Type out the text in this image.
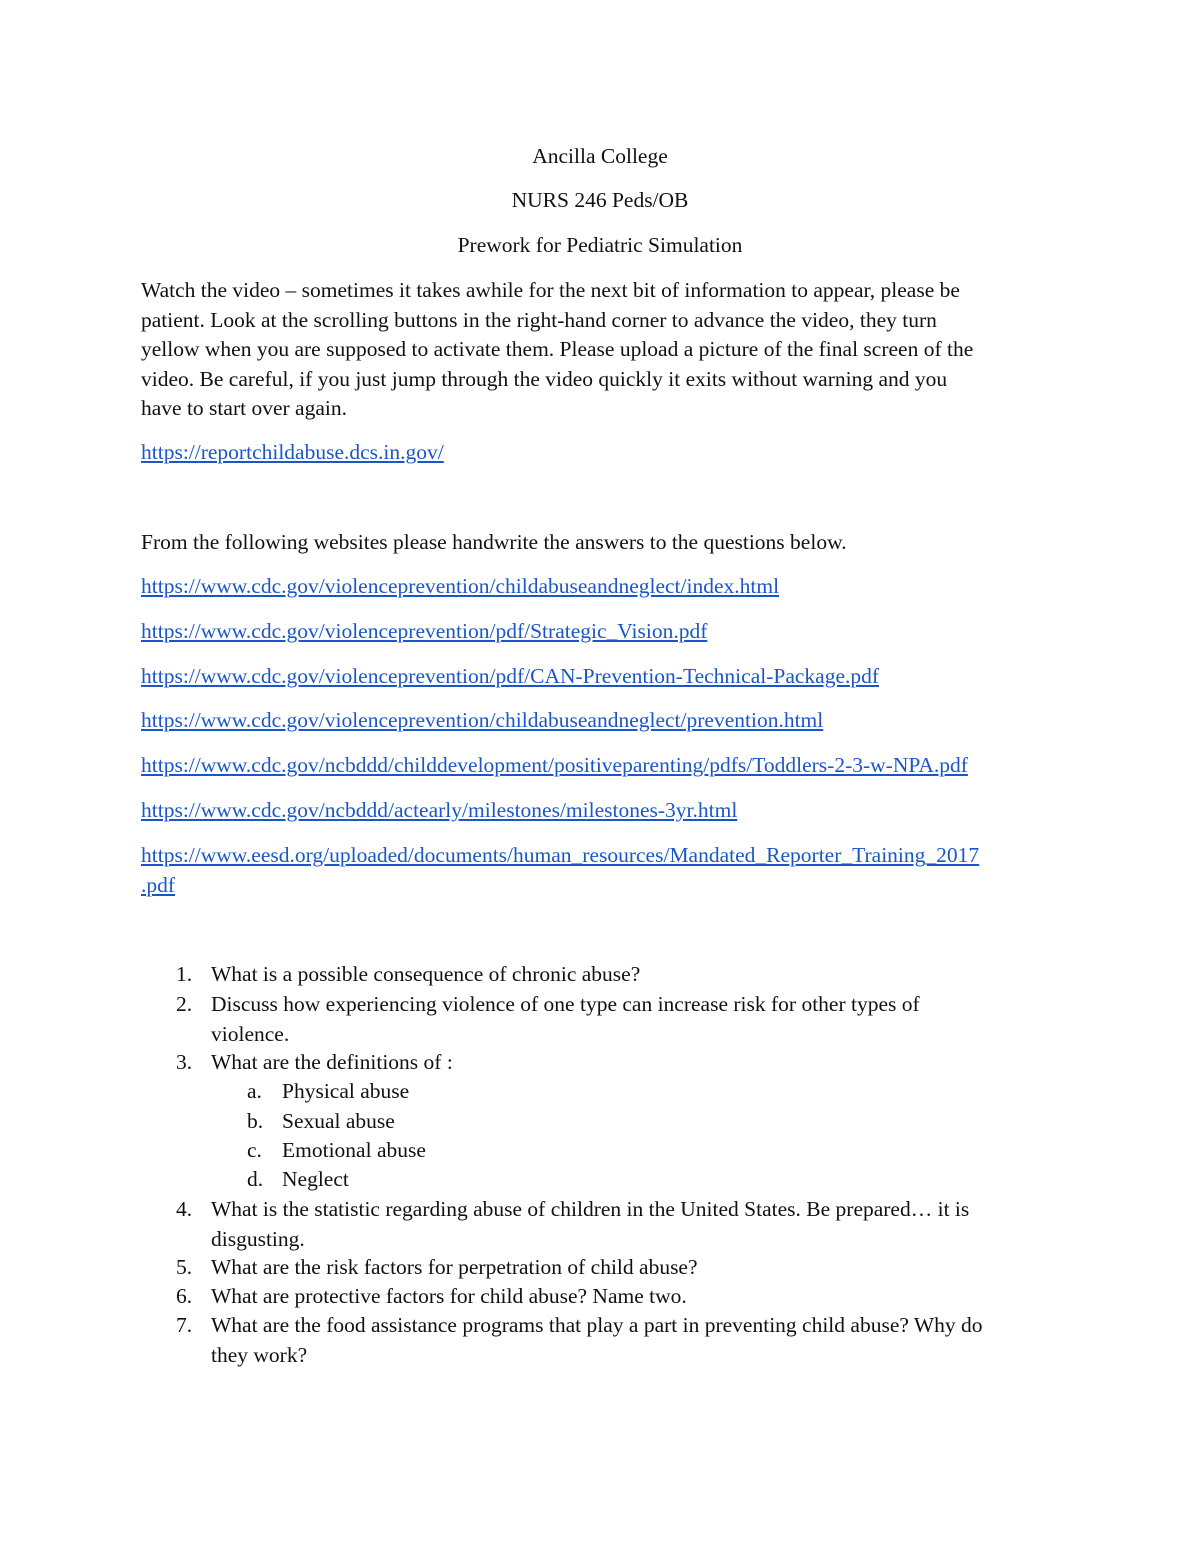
Ancilla College
NURS 246 Peds/OB
Prework for Pediatric Simulation
Watch the video – sometimes it takes awhile for the next bit of information to appear, please be
patient. Look at the scrolling buttons in the right-hand corner to advance the video, they turn
yellow when you are supposed to activate them. Please upload a picture of the final screen of the
video. Be careful, if you just jump through the video quickly it exits without warning and you
have to start over again.
https://reportchildabuse.dcs.in.gov/
From the following websites please handwrite the answers to the questions below.
https://www.cdc.gov/violenceprevention/childabuseandneglect/index.html
https://www.cdc.gov/violenceprevention/pdf/Strategic_Vision.pdf
https://www.cdc.gov/violenceprevention/pdf/CAN-Prevention-Technical-Package.pdf
https://www.cdc.gov/violenceprevention/childabuseandneglect/prevention.html
https://www.cdc.gov/ncbddd/childdevelopment/positiveparenting/pdfs/Toddlers-2-3-w-NPA.pdf
https://www.cdc.gov/ncbddd/actearly/milestones/milestones-3yr.html
https://www.eesd.org/uploaded/documents/human_resources/Mandated_Reporter_Training_2017
.pdf
1. What is a possible consequence of chronic abuse?
2. Discuss how experiencing violence of one type can increase risk for other types of
violence.
3. What are the definitions of :
a. Physical abuse
b. Sexual abuse
c. Emotional abuse
d. Neglect
4. What is the statistic regarding abuse of children in the United States. Be prepared… it is
disgusting.
5. What are the risk factors for perpetration of child abuse?
6. What are protective factors for child abuse? Name two.
7. What are the food assistance programs that play a part in preventing child abuse? Why do
they work?
